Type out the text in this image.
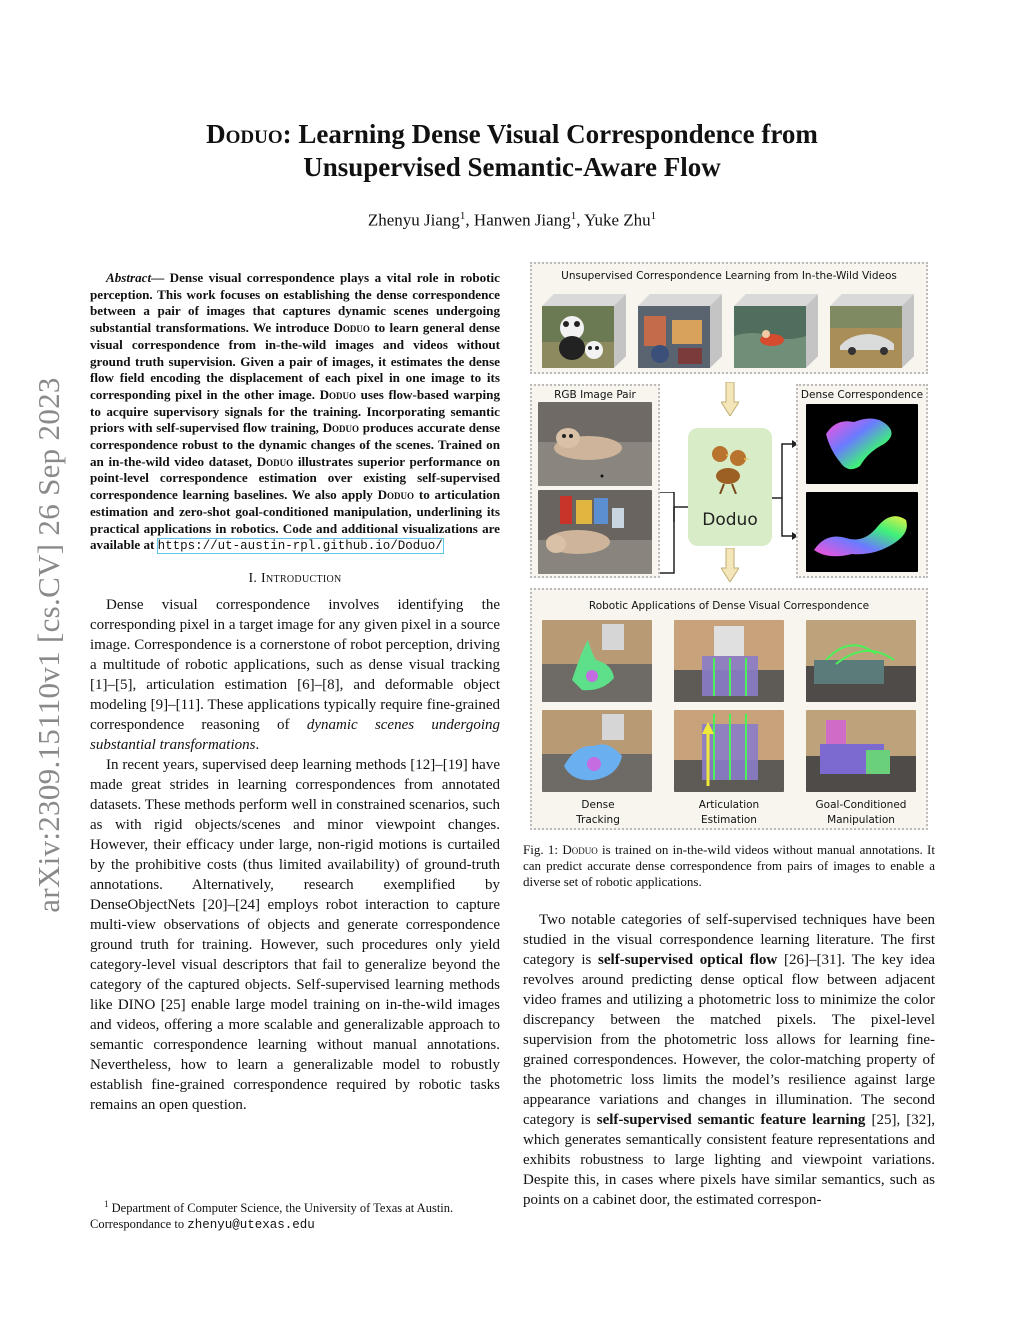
arXiv:2309.15110v1 [cs.CV] 26 Sep 2023
Doduo: Learning Dense Visual Correspondence from
Unsupervised Semantic-Aware Flow
Zhenyu Jiang$^1$, Hanwen Jiang$^1$, Yuke Zhu$^1$
Abstract— Dense visual correspondence plays a vital role in robotic perception. This work focuses on establishing the dense correspondence between a pair of images that captures dynamic scenes undergoing substantial transformations. We introduce Doduo to learn general dense visual correspondence from in-the-wild images and videos without ground truth supervision. Given a pair of images, it estimates the dense flow field encoding the displacement of each pixel in one image to its corresponding pixel in the other image. Doduo uses flow-based warping to acquire supervisory signals for the training. Incorporating semantic priors with self-supervised flow training, Doduo produces accurate dense correspondence robust to the dynamic changes of the scenes. Trained on an in-the-wild video dataset, Doduo illustrates superior performance on point-level correspondence estimation over existing self-supervised correspondence learning baselines. We also apply Doduo to articulation estimation and zero-shot goal-conditioned manipulation, underlining its practical applications in robotics. Code and additional visualizations are available at https://ut-austin-rpl.github.io/Doduo/
I. Introduction

Dense visual correspondence involves identifying the corresponding pixel in a target image for any given pixel in a source image. Correspondence is a cornerstone of robot perception, driving a multitude of robotic applications, such as dense visual tracking [1]–[5], articulation estimation [6]–[8], and deformable object modeling [9]–[11]. These applications typically require fine-grained correspondence reasoning of dynamic scenes undergoing substantial transformations.

In recent years, supervised deep learning methods [12]–[19] have made great strides in learning correspondences from annotated datasets. These methods perform well in constrained scenarios, such as with rigid objects/scenes and minor viewpoint changes. However, their efficacy under large, non-rigid motions is curtailed by the prohibitive costs (thus limited availability) of ground-truth annotations. Alternatively, research exemplified by DenseObjectNets [20]–[24] employs robot interaction to capture multi-view observations of objects and generate correspondence ground truth for training. However, such procedures only yield category-level visual descriptors that fail to generalize beyond the category of the captured objects. Self-supervised learning methods like DINO [25] enable large model training on in-the-wild images and videos, offering a more scalable and generalizable approach to semantic correspondence learning without manual annotations. Nevertheless, how to learn a generalizable model to robustly establish fine-grained correspondence required by robotic tasks remains an open question.

$^1$ Department of Computer Science, the University of Texas at Austin. Correspondance to zhenyu@utexas.edu
Unsupervised Correspondence Learning from In-the-Wild Videos
RGB Image Pair
Doduo
Dense Correspondence
Robotic Applications of Dense Visual Correspondence
Dense
Tracking
Articulation
Estimation
Goal-Conditioned
Manipulation
Fig. 1: Doduo is trained on in-the-wild videos without manual annotations. It can predict accurate dense correspondence from pairs of images to enable a diverse set of robotic applications.

Two notable categories of self-supervised techniques have been studied in the visual correspondence learning literature. The first category is self-supervised optical flow [26]–[31]. The key idea revolves around predicting dense optical flow between adjacent video frames and utilizing a photometric loss to minimize the color discrepancy between the matched pixels. The pixel-level supervision from the photometric loss allows for learning fine-grained correspondences. However, the color-matching property of the photometric loss limits the model’s resilience against large appearance variations and changes in illumination. The second category is self-supervised semantic feature learning [25], [32], which generates semantically consistent feature representations and exhibits robustness to large lighting and viewpoint variations. Despite this, in cases where pixels have similar semantics, such as points on a cabinet door, the estimated correspon-
